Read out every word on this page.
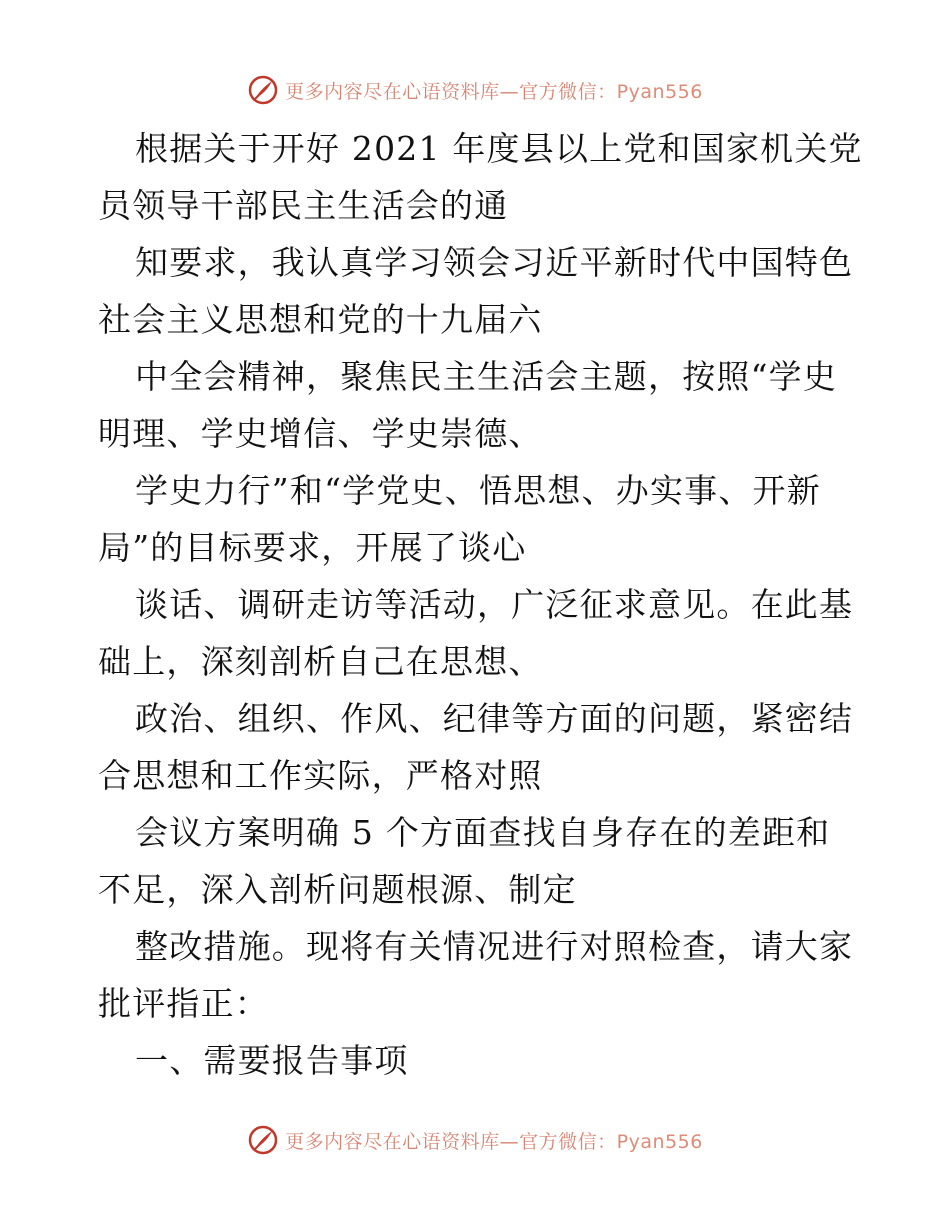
更多内容尽在心语资料库—官方微信：Pyan556
根据关于开好 2021 年度县以上党和国家机关党
员领导干部民主生活会的通
知要求，我认真学习领会习近平新时代中国特色
社会主义思想和党的十九届六
中全会精神，聚焦民主生活会主题，按照“学史
明理、学史增信、学史崇德、
学史力行”和“学党史、悟思想、办实事、开新
局”的目标要求，开展了谈心
谈话、调研走访等活动，广泛征求意见。在此基
础上，深刻剖析自己在思想、
政治、组织、作风、纪律等方面的问题，紧密结
合思想和工作实际，严格对照
会议方案明确 5 个方面查找自身存在的差距和
不足，深入剖析问题根源、制定
整改措施。现将有关情况进行对照检查，请大家
批评指正：
一、需要报告事项
更多内容尽在心语资料库—官方微信：Pyan556
